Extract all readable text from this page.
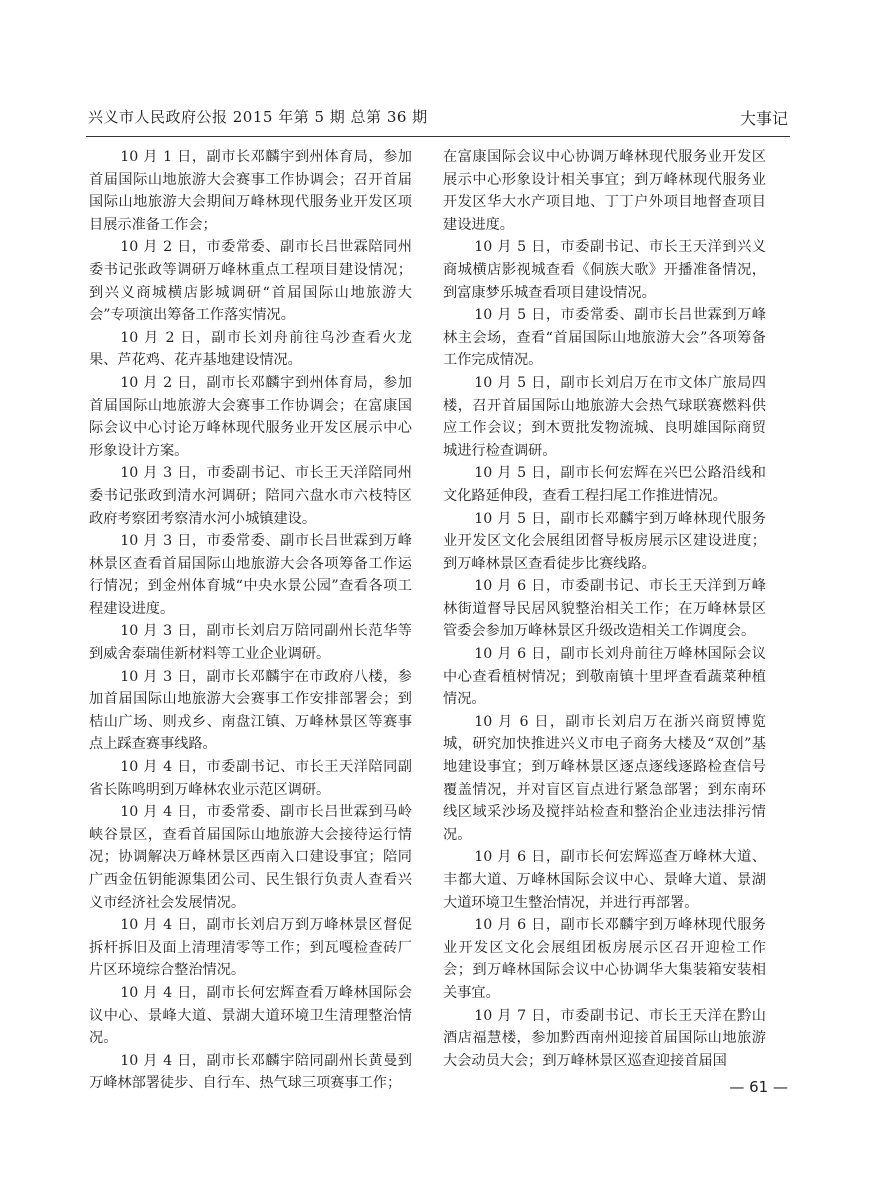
兴义市人民政府公报 2015 年第 5 期 总第 36 期	大事记

10 月 1 日，副市长邓麟宇到州体育局，参加首届国际山地旅游大会赛事工作协调会；召开首届国际山地旅游大会期间万峰林现代服务业开发区项目展示准备工作会；

10 月 2 日，市委常委、副市长吕世霖陪同州委书记张政等调研万峰林重点工程项目建设情况；到兴义商城横店影城调研“首届国际山地旅游大会”专项演出筹备工作落实情况。

10 月 2 日，副市长刘舟前往乌沙查看火龙果、芦花鸡、花卉基地建设情况。

10 月 2 日，副市长邓麟宇到州体育局，参加首届国际山地旅游大会赛事工作协调会；在富康国际会议中心讨论万峰林现代服务业开发区展示中心形象设计方案。

10 月 3 日，市委副书记、市长王天洋陪同州委书记张政到清水河调研；陪同六盘水市六枝特区政府考察团考察清水河小城镇建设。

10 月 3 日，市委常委、副市长吕世霖到万峰林景区查看首届国际山地旅游大会各项筹备工作运行情况；到金州体育城“中央水景公园”查看各项工程建设进度。

10 月 3 日，副市长刘启万陪同副州长范华等到威舍泰瑞佳新材料等工业企业调研。

10 月 3 日，副市长邓麟宇在市政府八楼，参加首届国际山地旅游大会赛事工作安排部署会；到桔山广场、则戎乡、南盘江镇、万峰林景区等赛事点上踩查赛事线路。

10 月 4 日，市委副书记、市长王天洋陪同副省长陈鸣明到万峰林农业示范区调研。

10 月 4 日，市委常委、副市长吕世霖到马岭峡谷景区，查看首届国际山地旅游大会接待运行情况；协调解决万峰林景区西南入口建设事宜；陪同广西金伍钥能源集团公司、民生银行负责人查看兴义市经济社会发展情况。

10 月 4 日，副市长刘启万到万峰林景区督促拆杆拆旧及面上清理清零等工作；到瓦嘎检查砖厂片区环境综合整治情况。

10 月 4 日，副市长何宏辉查看万峰林国际会议中心、景峰大道、景湖大道环境卫生清理整治情况。

10 月 4 日，副市长邓麟宇陪同副州长黄曼到万峰林部署徒步、自行车、热气球三项赛事工作；

在富康国际会议中心协调万峰林现代服务业开发区展示中心形象设计相关事宜；到万峰林现代服务业开发区华大水产项目地、丁丁户外项目地督查项目建设进度。

10 月 5 日，市委副书记、市长王天洋到兴义商城横店影视城查看《侗族大歌》开播准备情况，到富康梦乐城查看项目建设情况。

10 月 5 日，市委常委、副市长吕世霖到万峰林主会场，查看“首届国际山地旅游大会”各项筹备工作完成情况。

10 月 5 日，副市长刘启万在市文体广旅局四楼，召开首届国际山地旅游大会热气球联赛燃料供应工作会议；到木贾批发物流城、良明雄国际商贸城进行检查调研。

10 月 5 日，副市长何宏辉在兴巴公路沿线和文化路延伸段，查看工程扫尾工作推进情况。

10 月 5 日，副市长邓麟宇到万峰林现代服务业开发区文化会展组团督导板房展示区建设进度；到万峰林景区查看徒步比赛线路。

10 月 6 日，市委副书记、市长王天洋到万峰林街道督导民居风貌整治相关工作；在万峰林景区管委会参加万峰林景区升级改造相关工作调度会。

10 月 6 日，副市长刘舟前往万峰林国际会议中心查看植树情况；到敬南镇十里坪查看蔬菜种植情况。

10 月 6 日，副市长刘启万在浙兴商贸博览城，研究加快推进兴义市电子商务大楼及“双创”基地建设事宜；到万峰林景区逐点逐线逐路检查信号覆盖情况，并对盲区盲点进行紧急部署；到东南环线区域采沙场及搅拌站检查和整治企业违法排污情况。

10 月 6 日，副市长何宏辉巡查万峰林大道、丰都大道、万峰林国际会议中心、景峰大道、景湖大道环境卫生整治情况，并进行再部署。

10 月 6 日，副市长邓麟宇到万峰林现代服务业开发区文化会展组团板房展示区召开迎检工作会；到万峰林国际会议中心协调华大集装箱安装相关事宜。

10 月 7 日，市委副书记、市长王天洋在黔山酒店福慧楼，参加黔西南州迎接首届国际山地旅游大会动员大会；到万峰林景区巡查迎接首届国

— 61 —
